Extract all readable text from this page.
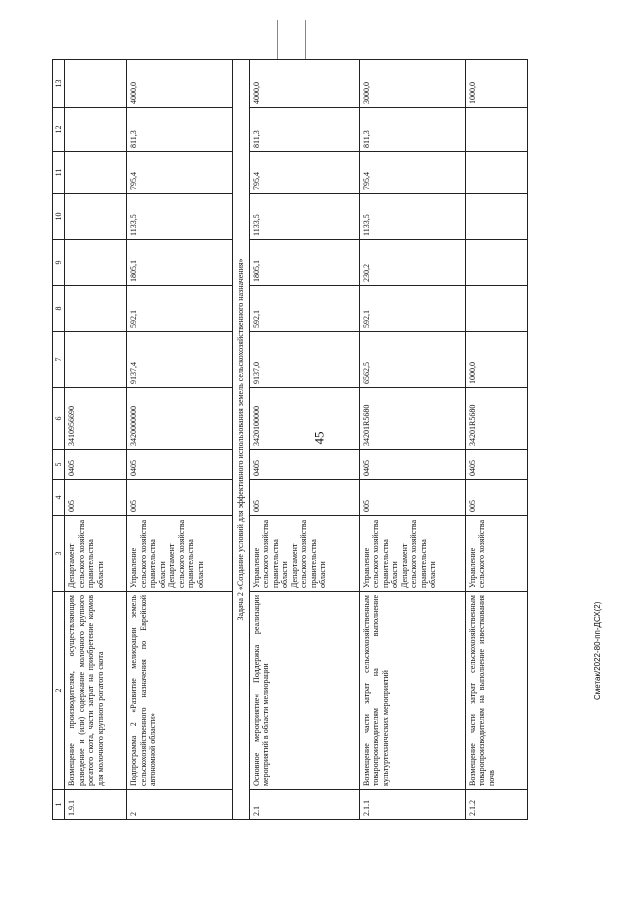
45
1	2	3	4	5	6	7	8	9	10	11	12	13
1.9.1	Возмещение производителям, осуществляющим разведение и (или) содержание молочного крупного рогатого скота, части затрат на приобретение кормов для молочного крупного рогатого скота	Департамент сельского хозяйства правительства области	005	0405	3410956690							
2	Подпрограмма 2 «Развитие мелиорации земель сельскохозяйственного назначения по Еврейской автономной области»	Управление сельского хозяйства правительства области Департамент сельского хозяйства правительства области	005	0405	3420000000	9137,4	592,1	1805,1	1133,5	795,4	811,3	4000,0
Задача 2 «Создание условий для эффективного использования земель сельскохозяйственного назначения»												
2.1	Основное мероприятие« Поддержка реализации мероприятий в области мелиорации	Управление сельского хозяйства правительства области Департамент сельского хозяйства правительства области	005	0405	3420100000	9137,0	592,1	1805,1	1133,5	795,4	811,3	4000,0
2.1.1	Возмещение части затрат сельскохозяйственным товаропроизводителям на выполнение культуртехнических мероприятий	Управление сельского хозяйства правительства области Департамент сельского хозяйства правительства области	005	0405	34201R5680	6562,5	592,1	230,2	1133,5	795,4	811,3	3000,0
2.1.2	Возмещение части затрат сельскохозяйственным товаропроизводителям на выполнение известкования почв	Управление сельского хозяйства	005	0405	34201R5680	1000,0						1000,0
Сметак/2022-80-пп-ДСХ(2)
